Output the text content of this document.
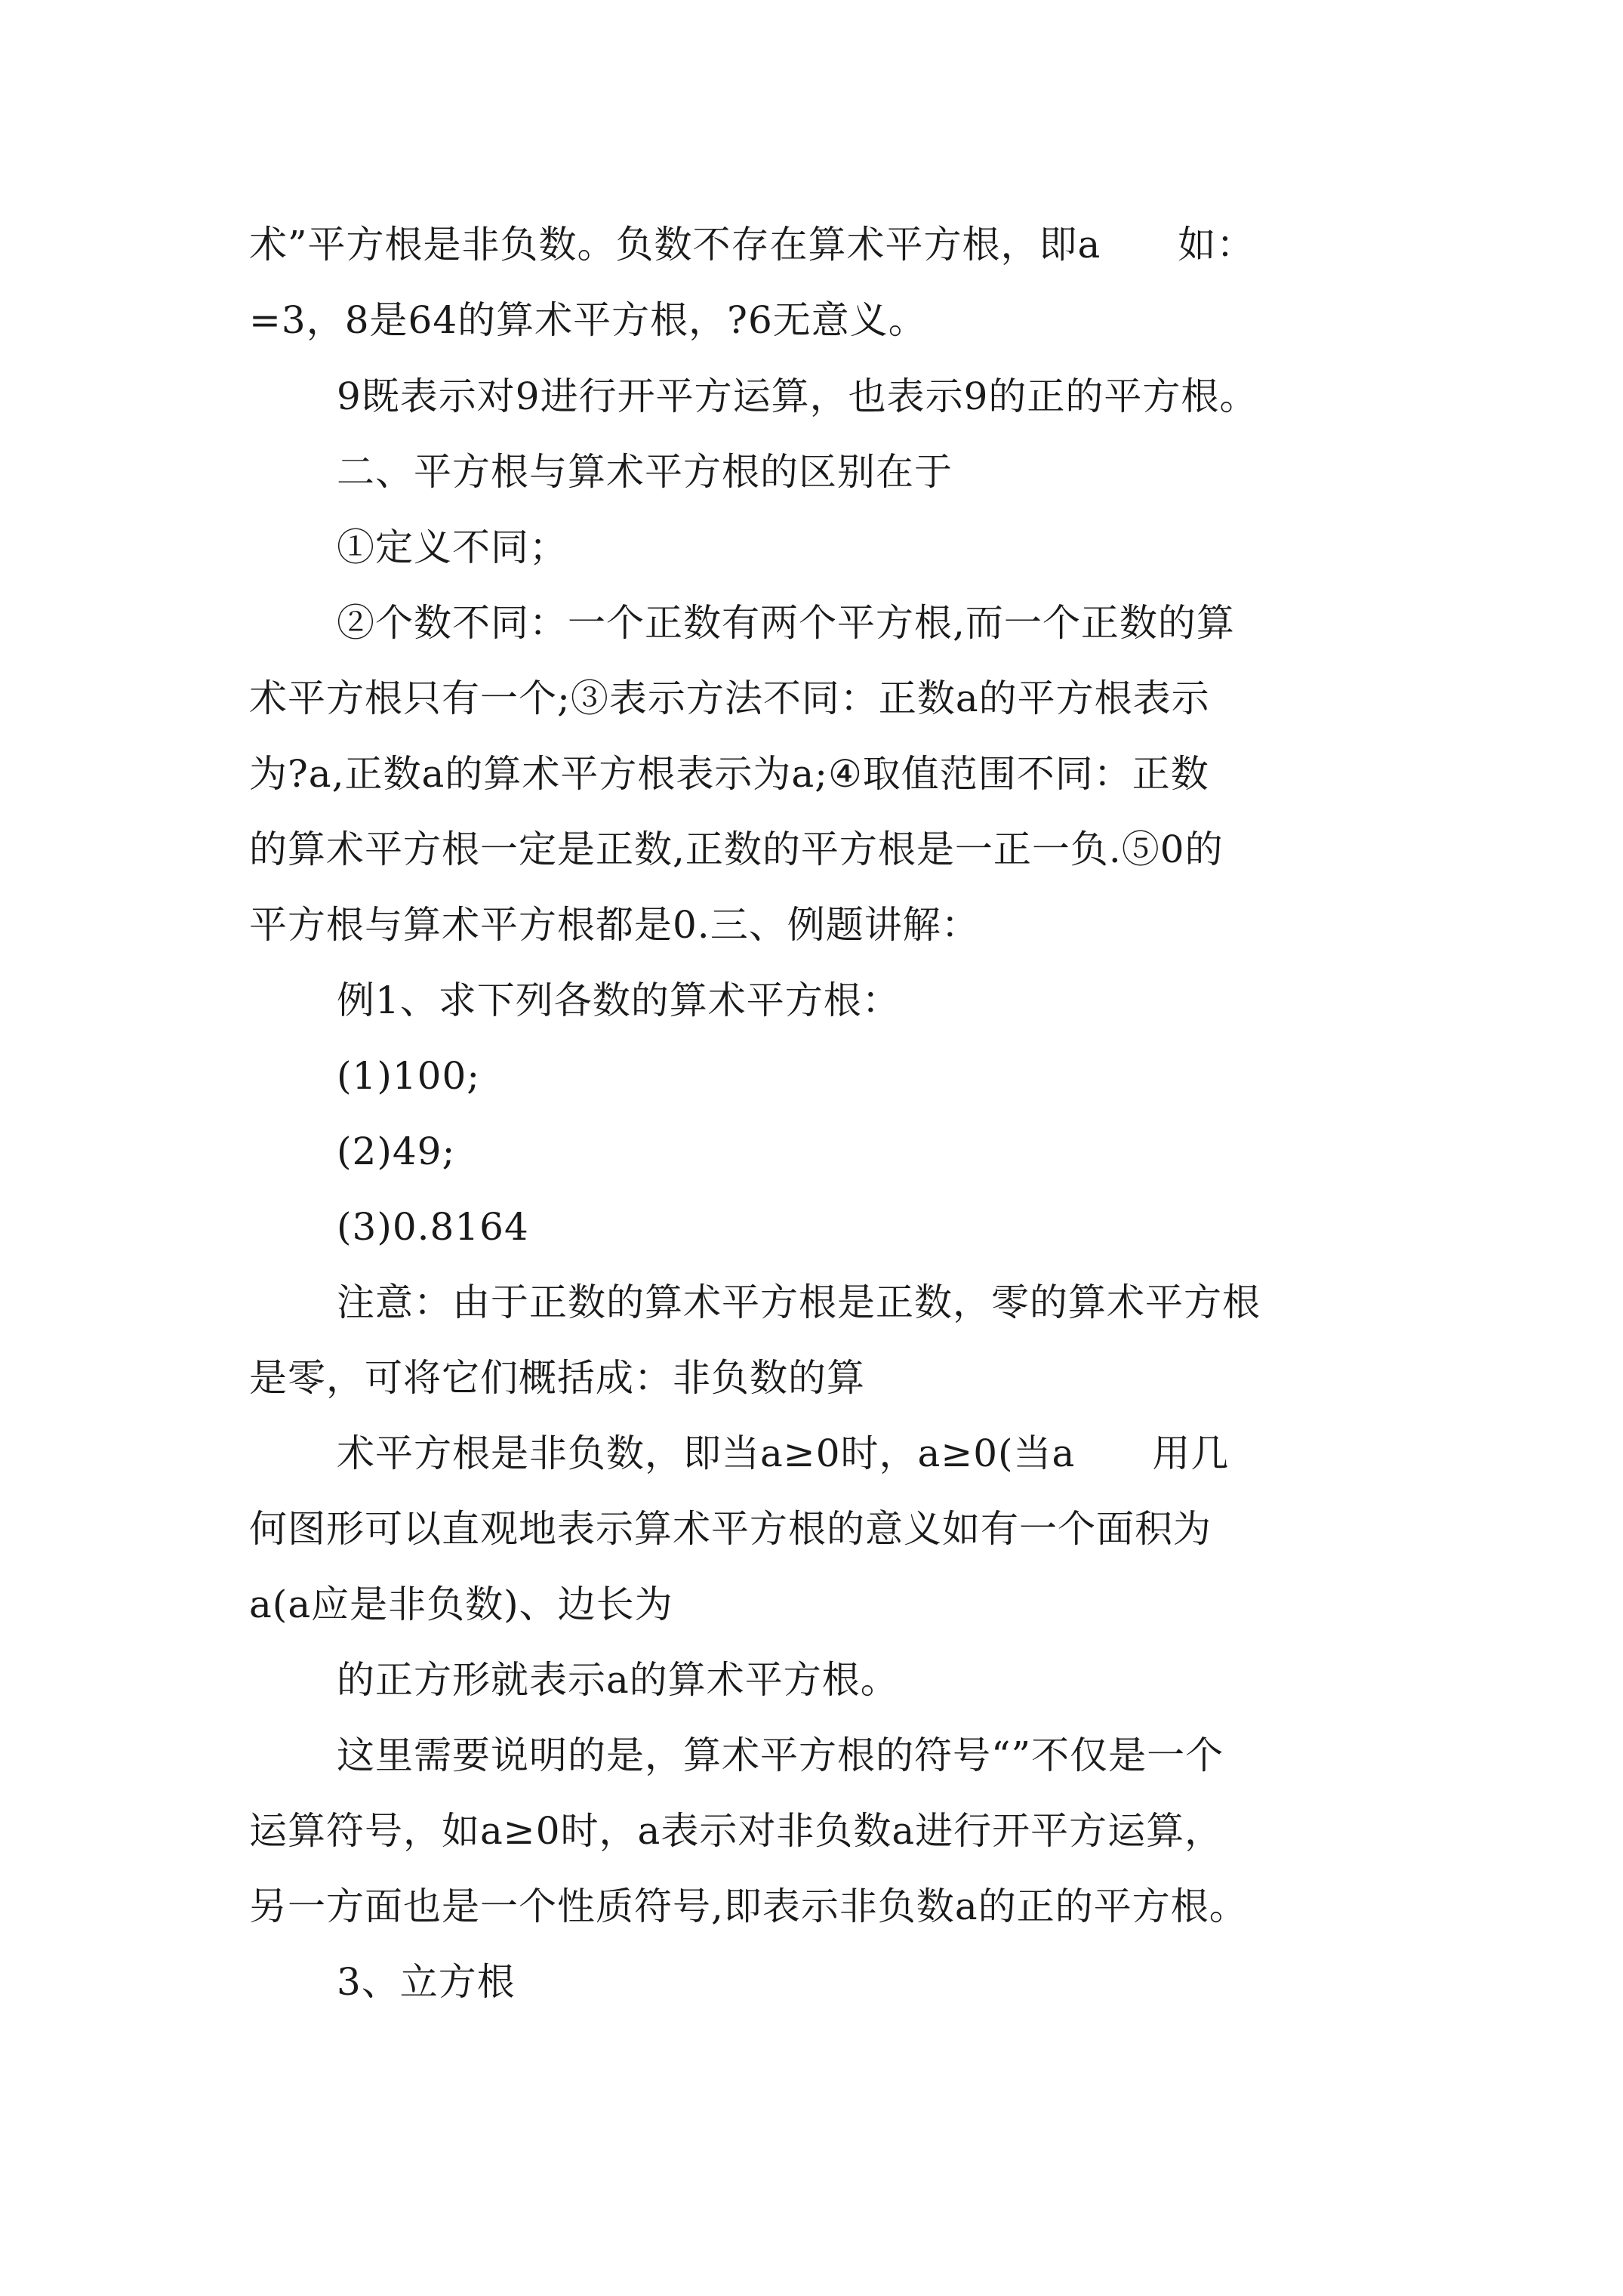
术”平方根是非负数。负数不存在算术平方根，即a　　如：
=3，8是64的算术平方根，?6无意义。
9既表示对9进行开平方运算，也表示9的正的平方根。
二、平方根与算术平方根的区别在于
①定义不同；
②个数不同：一个正数有两个平方根,而一个正数的算
术平方根只有一个;③表示方法不同：正数a的平方根表示
为?a,正数a的算术平方根表示为a;④取值范围不同：正数
的算术平方根一定是正数,正数的平方根是一正一负.⑤0的
平方根与算术平方根都是0.三、例题讲解：
例1、求下列各数的算术平方根：
(1)100;
(2)49;
(3)0.8164
注意：由于正数的算术平方根是正数，零的算术平方根
是零，可将它们概括成：非负数的算
术平方根是非负数，即当a≥0时，a≥0(当a　　用几
何图形可以直观地表示算术平方根的意义如有一个面积为
a(a应是非负数)、边长为
的正方形就表示a的算术平方根。
这里需要说明的是，算术平方根的符号“”不仅是一个
运算符号，如a≥0时，a表示对非负数a进行开平方运算，
另一方面也是一个性质符号,即表示非负数a的正的平方根。
3、立方根
